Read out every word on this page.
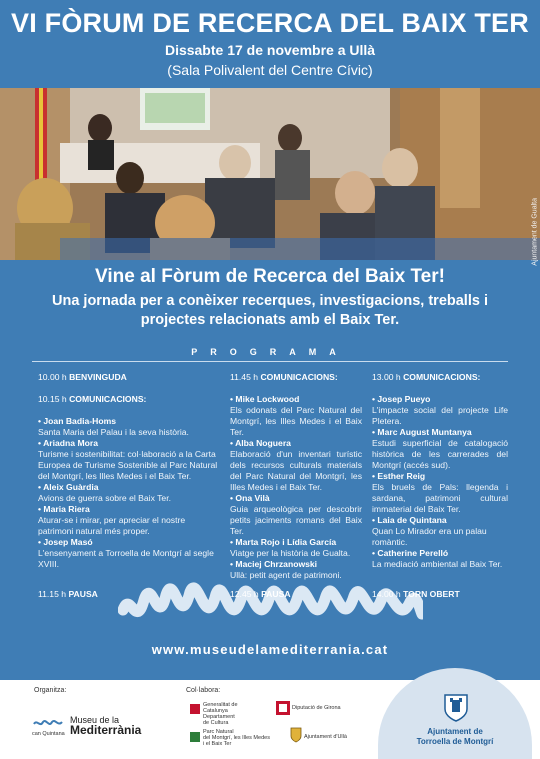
VI FÒRUM DE RECERCA DEL BAIX TER
Dissabte 17 de novembre a Ullà
(Sala Polivalent del Centre Cívic)
Ajuntament de Gualta
Vine al Fòrum de Recerca del Baix Ter!
Una jornada per a conèixer recerques, investigacions, treballs i projectes relacionats amb el Baix Ter.
PROGRAMA
10.00 h BENVINGUDA
10.15 h COMUNICACIONS:
• Joan Badia-Homs
Santa Maria del Palau i la seva història.
• Ariadna Mora
Turisme i sostenibilitat: col·laboració a la Carta Europea de Turisme Sostenible al Parc Natural del Montgrí, les Illes Medes i el Baix Ter.
• Aleix Guàrdia
Avions de guerra sobre el Baix Ter.
• Maria Riera
Aturar-se i mirar, per apreciar el nostre patrimoni natural més proper.
• Josep Masó
L'ensenyament a Torroella de Montgrí al segle XVIII.
11.45 h COMUNICACIONS:
• Mike Lockwood
Els odonats del Parc Natural del Montgrí, les Illes Medes i el Baix Ter.
• Alba Noguera
Elaboració d'un inventari turístic dels recursos culturals materials del Parc Natural del Montgrí, les Illes Medes i el Baix Ter.
• Ona Vilà
Guia arqueològica per descobrir petits jaciments romans del Baix Ter.
• Marta Rojo i Lídia García
Viatge per la història de Gualta.
• Maciej Chrzanowski
Ullà: petit agent de patrimoni.
13.00 h COMUNICACIONS:
• Josep Pueyo
L'impacte social del projecte Life Pletera.
• Marc August Muntanya
Estudi superficial de catalogació històrica de les carrerades del Montgrí (accés sud).
• Esther Reig
Els bruels de Pals: llegenda i sardana, patrimoni cultural immaterial del Baix Ter.
• Laia de Quintana
Quan Lo Mirador era un palau romàntic.
• Catherine Perelló
La mediació ambiental al Baix Ter.
11.15 h PAUSA	12.45 h PAUSA	14.00 h TORN OBERT
www.museudelamediterrania.cat
Organitza:	Col·labora:
can Quintana
Museu de la
Mediterrània
Generalitat de Catalunya
Departament
de Cultura
Diputació de Girona
Parc Natural
del Montgrí, les Illes Medes
i el Baix Ter
Ajuntament d'Ullà
Ajuntament de
Torroella de Montgrí
